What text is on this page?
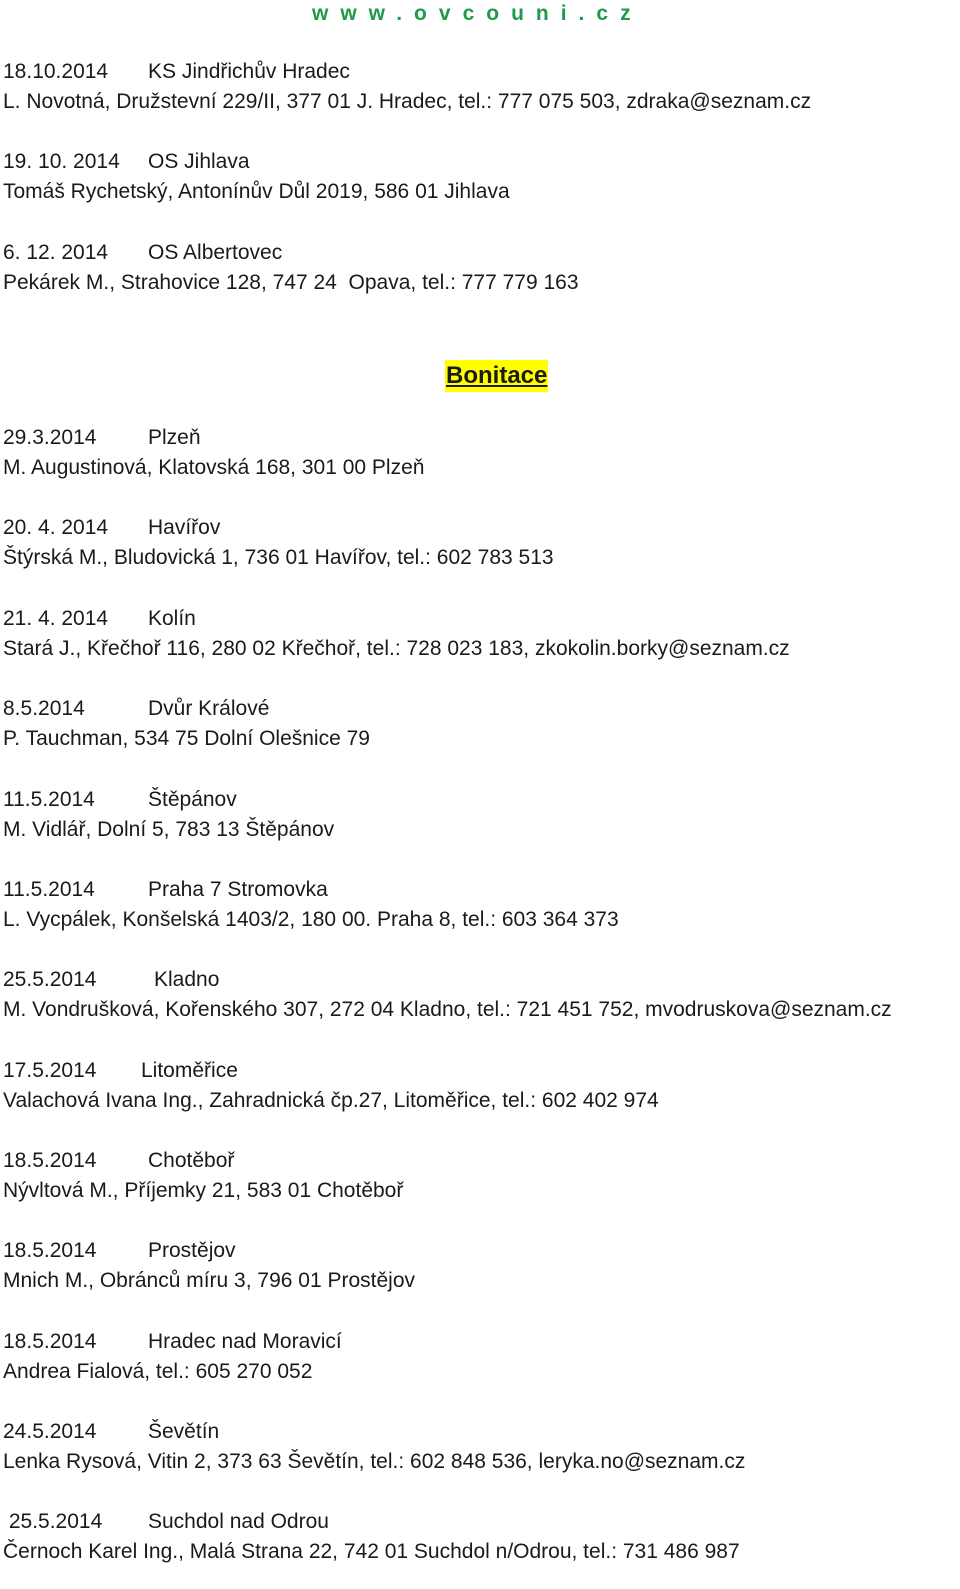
www.ovcouni.cz
Bonitace
18.10.2014 KS Jindřichův Hradec
L. Novotná, Družstevní 229/II, 377 01 J. Hradec, tel.: 777 075 503, zdraka@seznam.cz
19. 10. 2014 OS Jihlava
Tomáš Rychetský, Antonínův Důl 2019, 586 01 Jihlava
6. 12. 2014 OS Albertovec
Pekárek M., Strahovice 128, 747 24  Opava, tel.: 777 779 163
29.3.2014 Plzeň
M. Augustinová, Klatovská 168, 301 00 Plzeň
20. 4. 2014 Havířov
Štýrská M., Bludovická 1, 736 01 Havířov, tel.: 602 783 513
21. 4. 2014 Kolín
Stará J., Křečhoř 116, 280 02 Křečhoř, tel.: 728 023 183, zkokolin.borky@seznam.cz
8.5.2014	Dvůr Králové
P. Tauchman, 534 75 Dolní Olešnice 79
11.5.2014	Štěpánov
M. Vidlář, Dolní 5, 783 13 Štěpánov
11.5.2014	Praha 7 Stromovka
L. Vycpálek, Konšelská 1403/2, 180 00. Praha 8, tel.: 603 364 373
25.5.2014	Kladno
M. Vondrušková, Kořenského 307, 272 04 Kladno, tel.: 721 451 752, mvodruskova@seznam.cz
17.5.2014 Litoměřice
Valachová Ivana Ing., Zahradnická čp.27, Litoměřice, tel.: 602 402 974
18.5.2014 Chotěboř
Nývltová M., Příjemky 21, 583 01 Chotěboř
18.5.2014 Prostějov
Mnich M., Obránců míru 3, 796 01 Prostějov
18.5.2014 Hradec nad Moravicí
Andrea Fialová, tel.: 605 270 052
24.5.2014 Ševětín
Lenka Rysová, Vitin 2, 373 63 Ševětín, tel.: 602 848 536, leryka.no@seznam.cz
25.5.2014 Suchdol nad Odrou
Černoch Karel Ing., Malá Strana 22, 742 01 Suchdol n/Odrou, tel.: 731 486 987
